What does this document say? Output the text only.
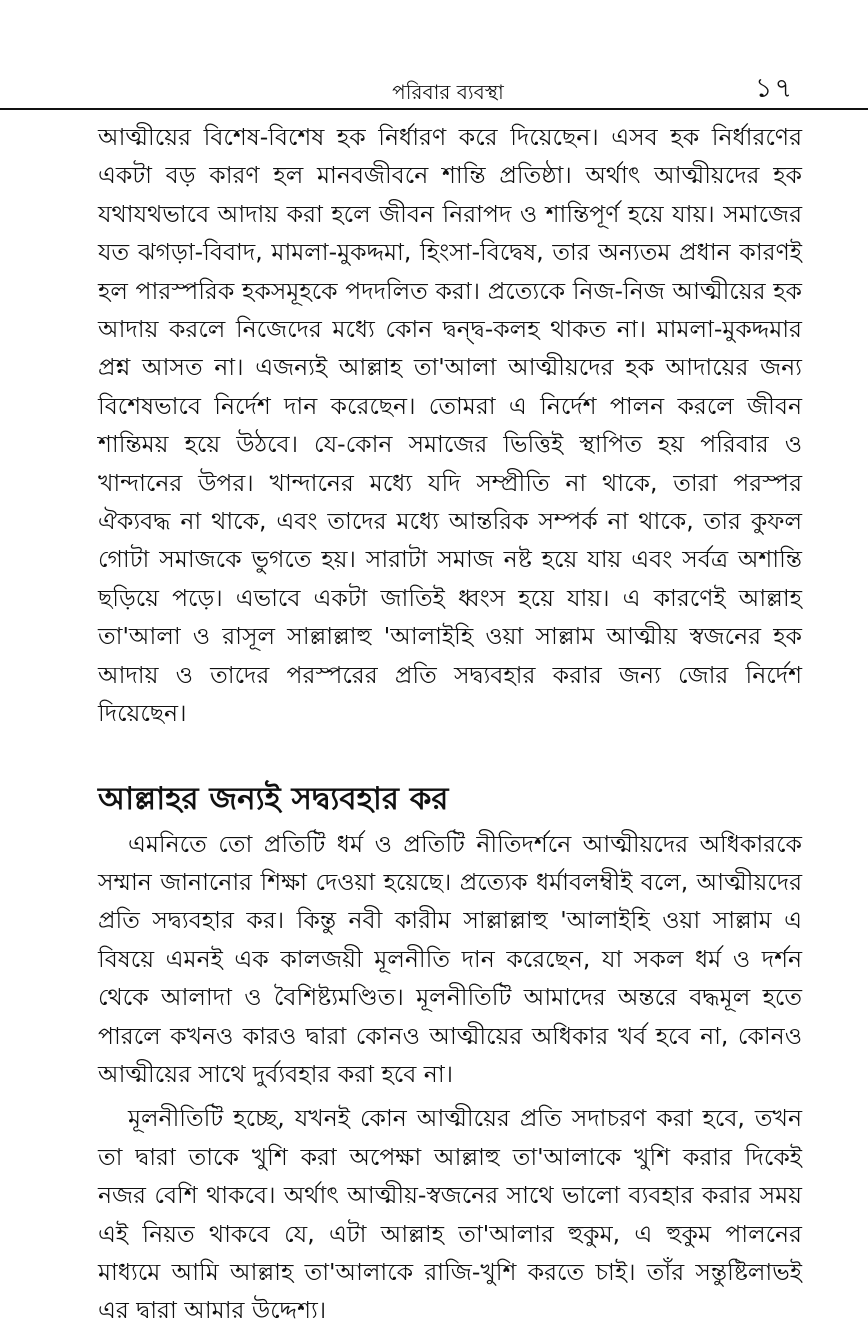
পরিবার ব্যবস্থা	১৭

আত্মীয়ের বিশেষ-বিশেষ হক নির্ধারণ করে দিয়েছেন। এসব হক নির্ধারণের একটা বড় কারণ হল মানবজীবনে শান্তি প্রতিষ্ঠা। অর্থাৎ আত্মীয়দের হক যথাযথভাবে আদায় করা হলে জীবন নিরাপদ ও শান্তিপূর্ণ হয়ে যায়। সমাজের যত ঝগড়া-বিবাদ, মামলা-মুকদ্দমা, হিংসা-বিদ্বেষ, তার অন্যতম প্রধান কারণই হল পারস্পরিক হকসমূহকে পদদলিত করা। প্রত্যেকে নিজ-নিজ আত্মীয়ের হক আদায় করলে নিজেদের মধ্যে কোন দ্বন্দ্ব-কলহ থাকত না। মামলা-মুকদ্দমার প্রশ্ন আসত না। এজন্যই আল্লাহ তা'আলা আত্মীয়দের হক আদায়ের জন্য বিশেষভাবে নির্দেশ দান করেছেন। তোমরা এ নির্দেশ পালন করলে জীবন শান্তিময় হয়ে উঠবে। যে-কোন সমাজের ভিত্তিই স্থাপিত হয় পরিবার ও খান্দানের উপর। খান্দানের মধ্যে যদি সম্প্রীতি না থাকে, তারা পরস্পর ঐক্যবদ্ধ না থাকে, এবং তাদের মধ্যে আন্তরিক সম্পর্ক না থাকে, তার কুফল গোটা সমাজকে ভুগতে হয়। সারাটা সমাজ নষ্ট হয়ে যায় এবং সর্বত্র অশান্তি ছড়িয়ে পড়ে। এভাবে একটা জাতিই ধ্বংস হয়ে যায়। এ কারণেই আল্লাহ তা'আলা ও রাসূল সাল্লাল্লাহু 'আলাইহি ওয়া সাল্লাম আত্মীয় স্বজনের হক আদায় ও তাদের পরস্পরের প্রতি সদ্ব্যবহার করার জন্য জোর নির্দেশ দিয়েছেন।

আল্লাহর জন্যই সদ্ব্যবহার কর

এমনিতে তো প্রতিটি ধর্ম ও প্রতিটি নীতিদর্শনে আত্মীয়দের অধিকারকে সম্মান জানানোর শিক্ষা দেওয়া হয়েছে। প্রত্যেক ধর্মাবলম্বীই বলে, আত্মীয়দের প্রতি সদ্ব্যবহার কর। কিন্তু নবী কারীম সাল্লাল্লাহু 'আলাইহি ওয়া সাল্লাম এ বিষয়ে এমনই এক কালজয়ী মূলনীতি দান করেছেন, যা সকল ধর্ম ও দর্শন থেকে আলাদা ও বৈশিষ্ট্যমণ্ডিত। মূলনীতিটি আমাদের অন্তরে বদ্ধমূল হতে পারলে কখনও কারও দ্বারা কোনও আত্মীয়ের অধিকার খর্ব হবে না, কোনও আত্মীয়ের সাথে দুর্ব্যবহার করা হবে না।

মূলনীতিটি হচ্ছে, যখনই কোন আত্মীয়ের প্রতি সদাচরণ করা হবে, তখন তা দ্বারা তাকে খুশি করা অপেক্ষা আল্লাহু তা'আলাকে খুশি করার দিকেই নজর বেশি থাকবে। অর্থাৎ আত্মীয়-স্বজনের সাথে ভালো ব্যবহার করার সময় এই নিয়ত থাকবে যে, এটা আল্লাহ তা'আলার হুকুম, এ হুকুম পালনের মাধ্যমে আমি আল্লাহ তা'আলাকে রাজি-খুশি করতে চাই। তাঁর সন্তুষ্টিলাভই এর দ্বারা আমার উদ্দেশ্য।
